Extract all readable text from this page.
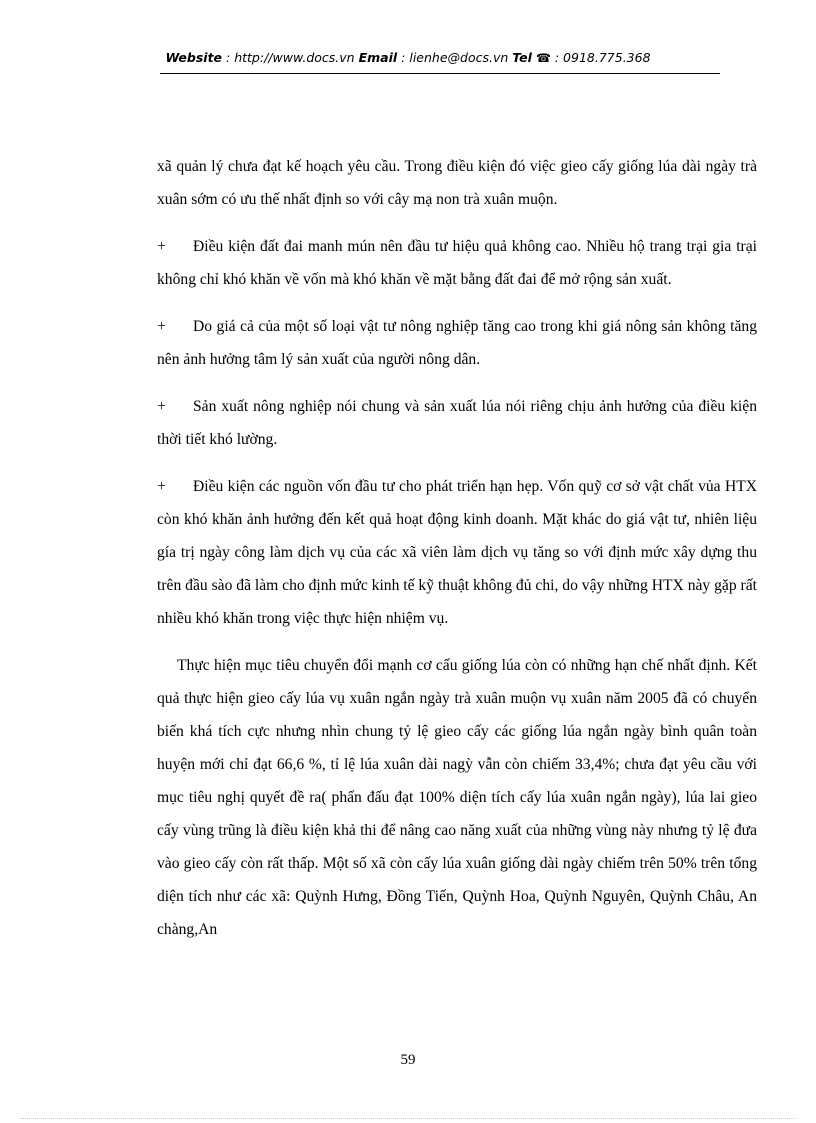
Website : http://www.docs.vn Email : lienhe@docs.vn Tel ☎ : 0918.775.368

xã quản lý chưa đạt kế hoạch yêu cầu. Trong điều kiện đó việc gieo cấy giống lúa dài ngày trà xuân sớm có ưu thế nhất định so với cây mạ non trà xuân muộn.

+ Điều kiện đất đai manh mún nên đầu tư hiệu quả không cao. Nhiều hộ trang trại gia trại không chỉ khó khăn về vốn mà khó khăn về mặt bằng đất đai để mở rộng sản xuất.

+ Do giá cả của một số loại vật tư nông nghiệp tăng cao trong khi giá nông sản không tăng nên ảnh hưởng tâm lý sản xuất của người nông dân.

+ Sản xuất nông nghiệp nói chung và sản xuất lúa nói riêng chịu ảnh hưởng của điều kiện thời tiết khó lường.

+ Điều kiện các nguồn vốn đầu tư cho phát triển hạn hẹp. Vốn quỹ cơ sở vật chất vủa HTX còn khó khăn ảnh hưởng đến kết quả hoạt động kinh doanh. Mặt khác do giá vật tư, nhiên liệu gía trị ngày công làm dịch vụ của các xã viên làm dịch vụ tăng so với định mức xây dựng thu trên đầu sào đã làm cho định mức kinh tế kỹ thuật không đủ chi, do vậy những HTX này gặp rất nhiều khó khăn trong việc thực hiện nhiệm vụ.

Thực hiện mục tiêu chuyển đổi mạnh cơ cấu giống lúa còn có những hạn chế nhất định. Kết quả thực hiện gieo cấy lúa vụ xuân ngắn ngày trà xuân muộn vụ xuân năm 2005 đã có chuyển biến khá tích cực nhưng nhìn chung tỷ lệ gieo cấy các giống lúa ngắn ngày bình quân toàn huyện mới chỉ đạt 66,6 %, tỉ lệ lúa xuân dài nagỳ vẫn còn chiếm 33,4%; chưa đạt yêu cầu với mục tiêu nghị quyết đề ra( phấn đấu đạt 100% diện tích cấy lúa xuân ngắn ngày), lúa lai gieo cấy vùng trũng là điều kiện khả thi để nâng cao năng xuất của những vùng này nhưng tỷ lệ đưa vào gieo cấy còn rất thấp. Một số xã còn cấy lúa xuân giống dài ngày chiếm trên 50% trên tổng diện tích như các xã: Quỳnh Hưng, Đồng Tiến, Quỳnh Hoa, Quỳnh Nguyên, Quỳnh Châu, An chàng,An

59
